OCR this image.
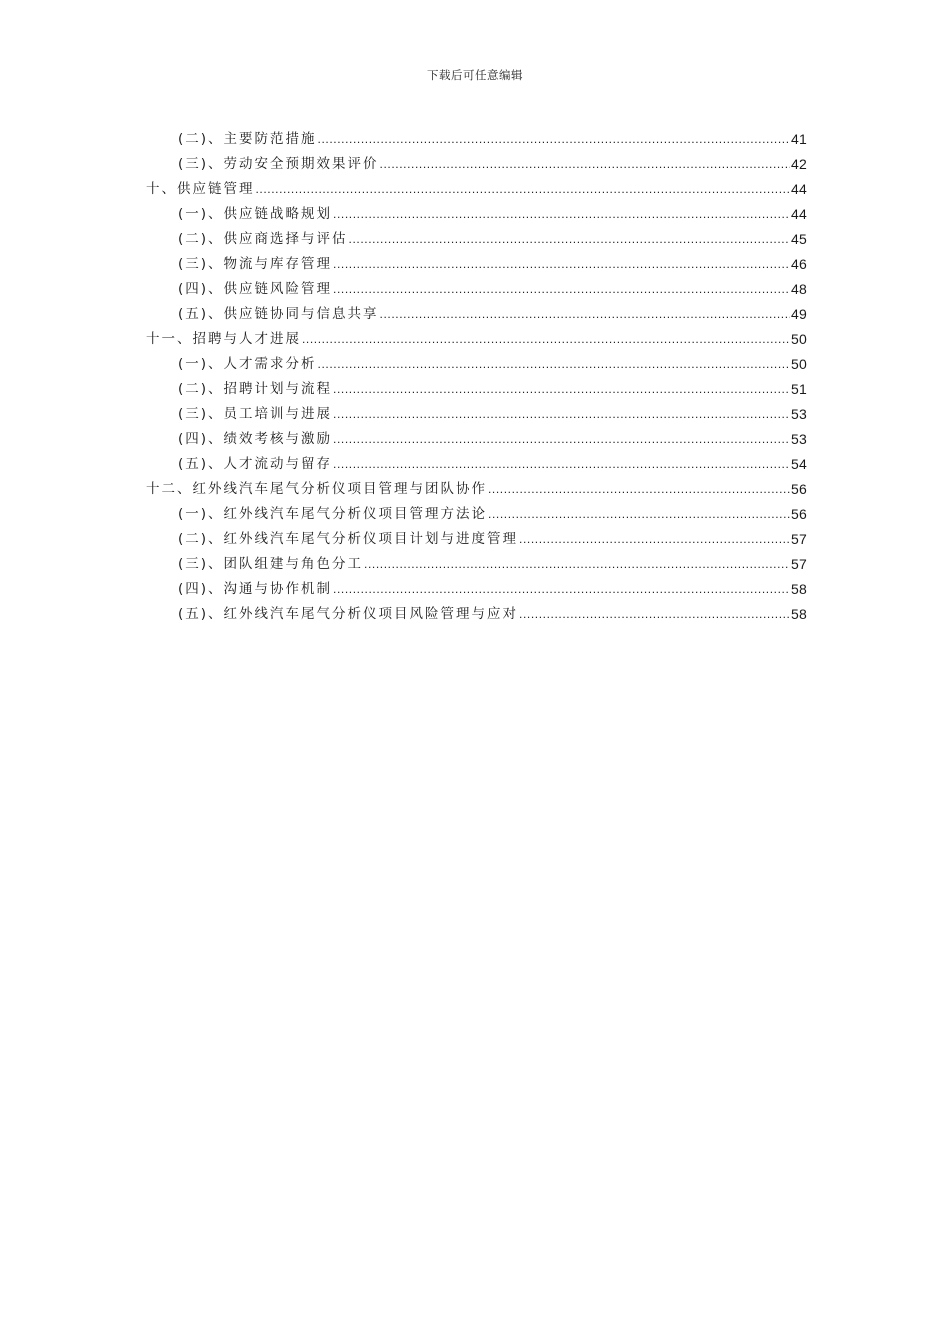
下载后可任意编辑
(二)、主要防范措施 .....	41
(三)、劳动安全预期效果评价 .....	42
十、供应链管理 .....	44
(一)、供应链战略规划 .....	44
(二)、供应商选择与评估 .....	45
(三)、物流与库存管理 .....	46
(四)、供应链风险管理 .....	48
(五)、供应链协同与信息共享 .....	49
十一、招聘与人才进展 .....	50
(一)、人才需求分析 .....	50
(二)、招聘计划与流程 .....	51
(三)、员工培训与进展 .....	53
(四)、绩效考核与激励 .....	53
(五)、人才流动与留存 .....	54
十二、红外线汽车尾气分析仪项目管理与团队协作 .....	56
(一)、红外线汽车尾气分析仪项目管理方法论 .....	56
(二)、红外线汽车尾气分析仪项目计划与进度管理 .....	57
(三)、团队组建与角色分工 .....	57
(四)、沟通与协作机制 .....	58
(五)、红外线汽车尾气分析仪项目风险管理与应对 .....	58
